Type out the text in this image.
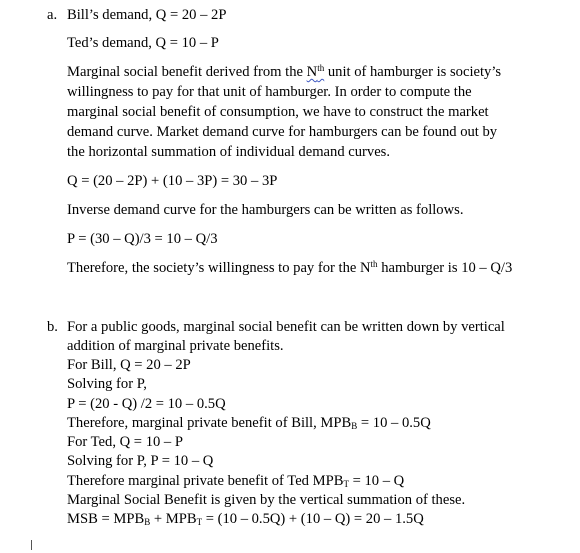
a. Bill’s demand, Q = 20 – 2P
Ted’s demand, Q = 10 – P
Marginal social benefit derived from the $N^{th}$ unit of hamburger is society’s
willingness to pay for that unit of hamburger. In order to compute the
marginal social benefit of consumption, we have to construct the market
demand curve. Market demand curve for hamburgers can be found out by
the horizontal summation of individual demand curves.
Q = (20 – 2P) + (10 – 3P) = 30 – 3P
Inverse demand curve for the hamburgers can be written as follows.
P = (30 – Q)/3 = 10 – Q/3
Therefore, the society’s willingness to pay for the $N^{th}$ hamburger is 10 – Q/3
b. For a public goods, marginal social benefit can be written down by vertical
addition of marginal private benefits.
For Bill, Q = 20 – 2P
Solving for P,
P = (20 - Q) /2 = 10 – 0.5Q
Therefore, marginal private benefit of Bill, $MPB_B = 10 - 0.5Q$
For Ted, Q = 10 – P
Solving for P, P = 10 – Q
Therefore marginal private benefit of Ted $MPB_T = 10 - Q$
Marginal Social Benefit is given by the vertical summation of these.
MSB = $MPB_B + MPB_T = (10 - 0.5Q) + (10 - Q) = 20 - 1.5Q$
